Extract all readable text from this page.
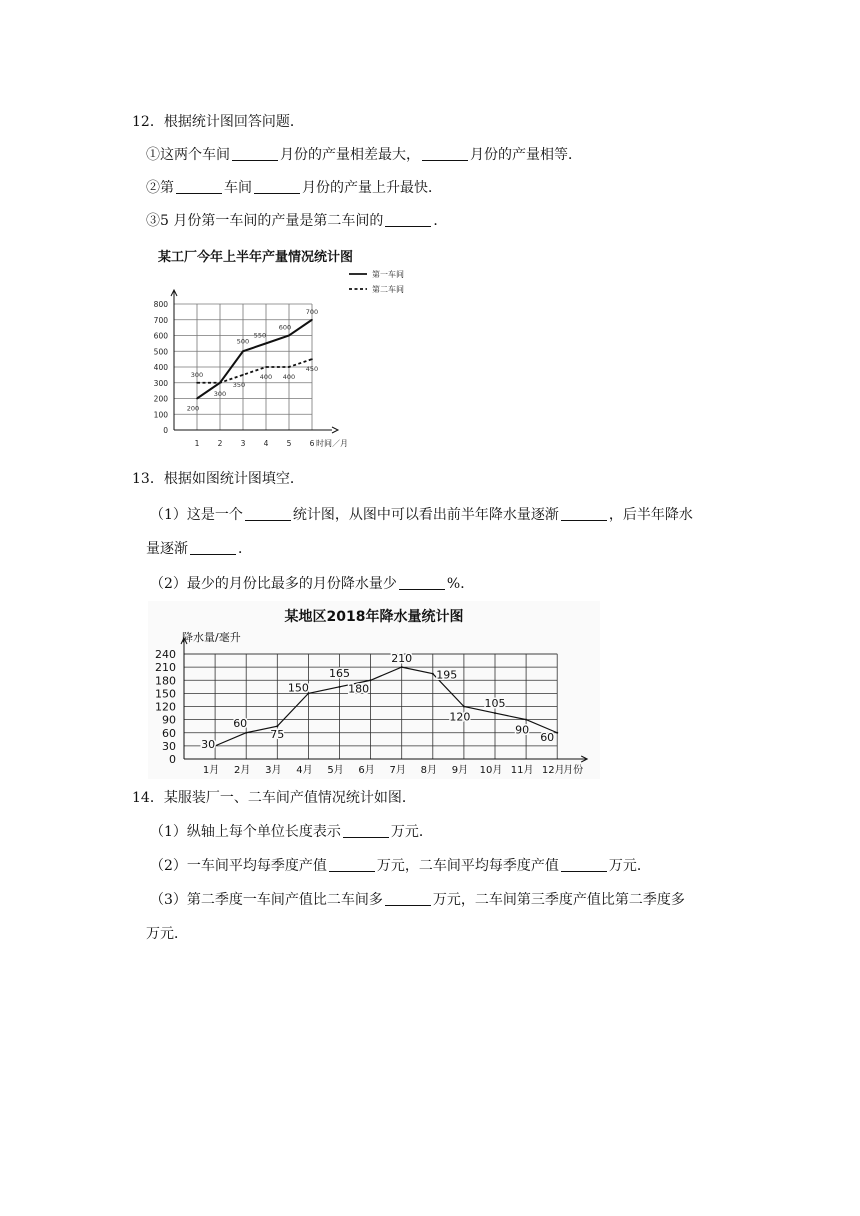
12．根据统计图回答问题．
①这两个车间	月份的产量相差最大，	月份的产量相等．
②第	车间	月份的产量上升最快．
③5 月份第一车间的产量是第二车间的	．
某工厂今年上半年产量情况统计图
0
100
200
300
400
500
600
700
800
1 2 3 4 5 6 时间／月
200
300
500
550
600
700
300
350
400 400
450
第一车间
第二车间
13．根据如图统计图填空．
（1）这是一个	统计图，从图中可以看出前半年降水量逐渐	，后半年降水
量逐渐	．
（2）最少的月份比最多的月份降水量少	%．
某地区2018年降水量统计图
降水量/毫升
0
30
60
90
120
150
180
210
240
1月 2月 3月 4月 5月 6月 7月 8月 9月 10月 11月 12月
月份
30
60
75
150
165
180
210
195
120
105
90
60
14．某服装厂一、二车间产值情况统计如图．
（1）纵轴上每个单位长度表示	万元．
（2）一车间平均每季度产值	万元，二车间平均每季度产值	万元．
（3）第二季度一车间产值比二车间多	万元，二车间第三季度产值比第二季度多
万元．
